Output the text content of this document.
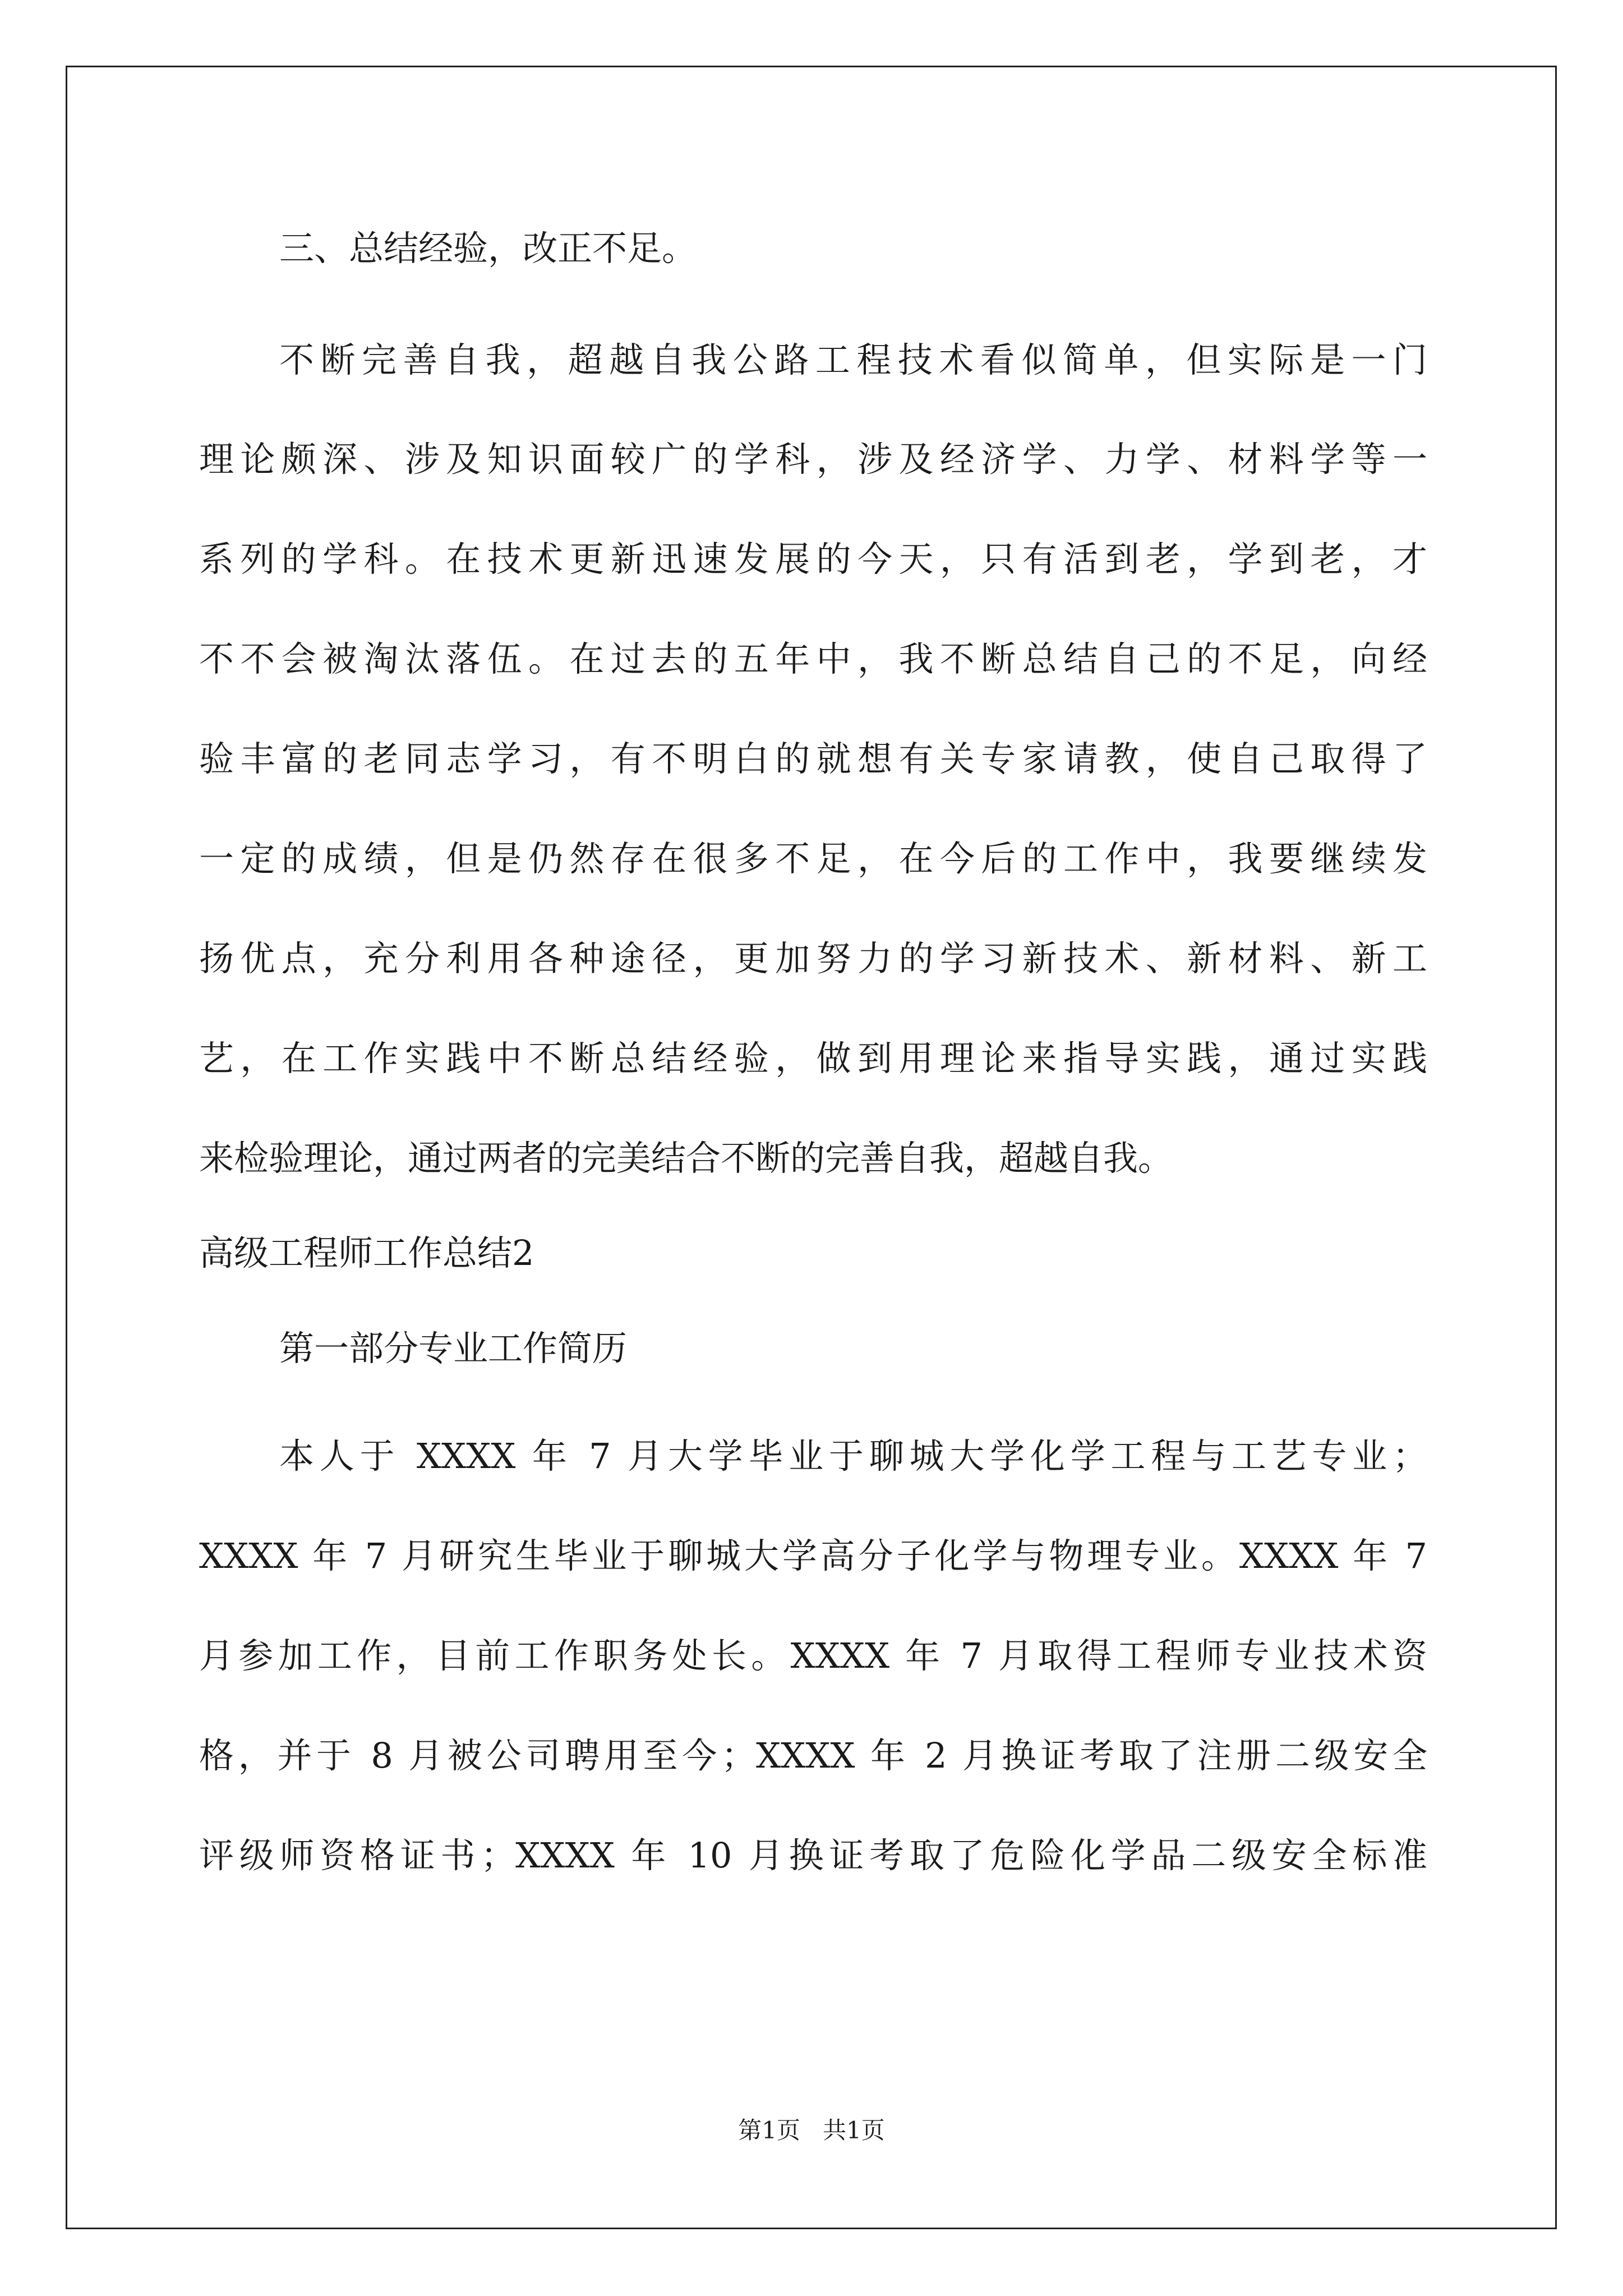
三、总结经验，改正不足。

不断完善自我，超越自我公路工程技术看似简单，但实际是一门

理论颇深、涉及知识面较广的学科，涉及经济学、力学、材料学等一

系列的学科。在技术更新迅速发展的今天，只有活到老，学到老，才

不不会被淘汰落伍。在过去的五年中，我不断总结自己的不足，向经

验丰富的老同志学习，有不明白的就想有关专家请教，使自己取得了

一定的成绩，但是仍然存在很多不足，在今后的工作中，我要继续发

扬优点，充分利用各种途径，更加努力的学习新技术、新材料、新工

艺，在工作实践中不断总结经验，做到用理论来指导实践，通过实践

来检验理论，通过两者的完美结合不断的完善自我，超越自我。

高级工程师工作总结2

第一部分专业工作简历

本人于 XXXX 年 7 月大学毕业于聊城大学化学工程与工艺专业；

XXXX 年 7 月研究生毕业于聊城大学高分子化学与物理专业。XXXX 年 7

月参加工作，目前工作职务处长。XXXX 年 7 月取得工程师专业技术资

格，并于 8 月被公司聘用至今；XXXX 年 2 月换证考取了注册二级安全

评级师资格证书；XXXX 年 10 月换证考取了危险化学品二级安全标准

第1页   共1页
